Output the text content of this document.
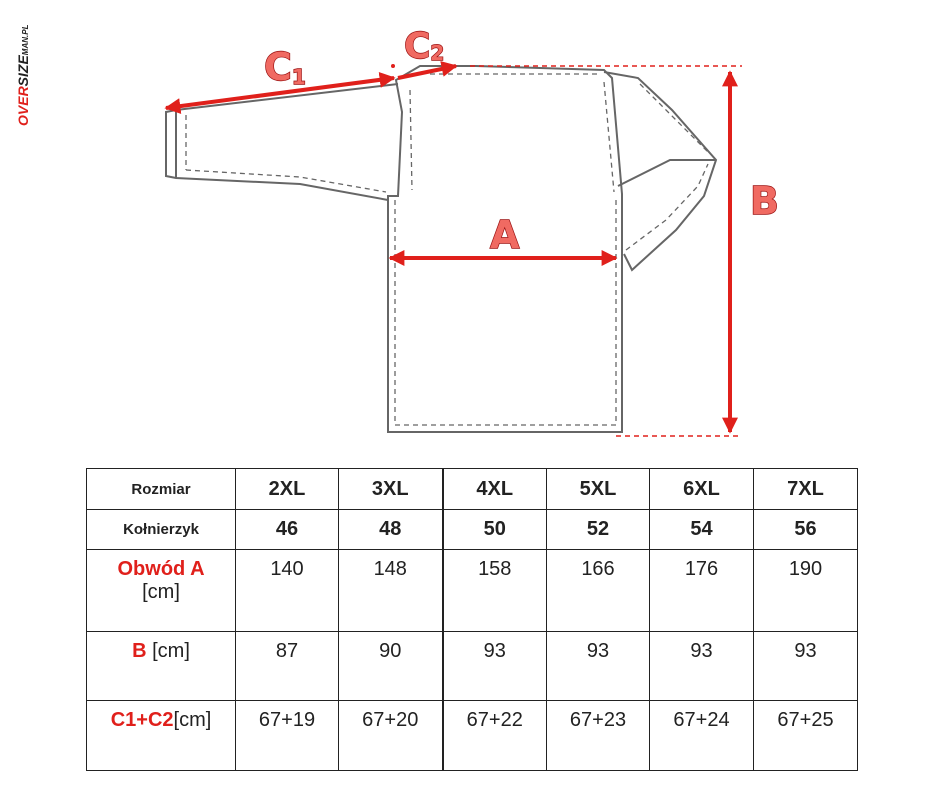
OVERSIZEMAN.PL
C1
C2
A
B
Rozmiar	2XL	3XL	4XL	5XL	6XL	7XL
Kołnierzyk	46	48	50	52	54	56
Obwód A
[cm]	140	148	158	166	176	190
B [cm]	87	90	93	93	93	93
C1+C2[cm]	67+19	67+20	67+22	67+23	67+24	67+25
